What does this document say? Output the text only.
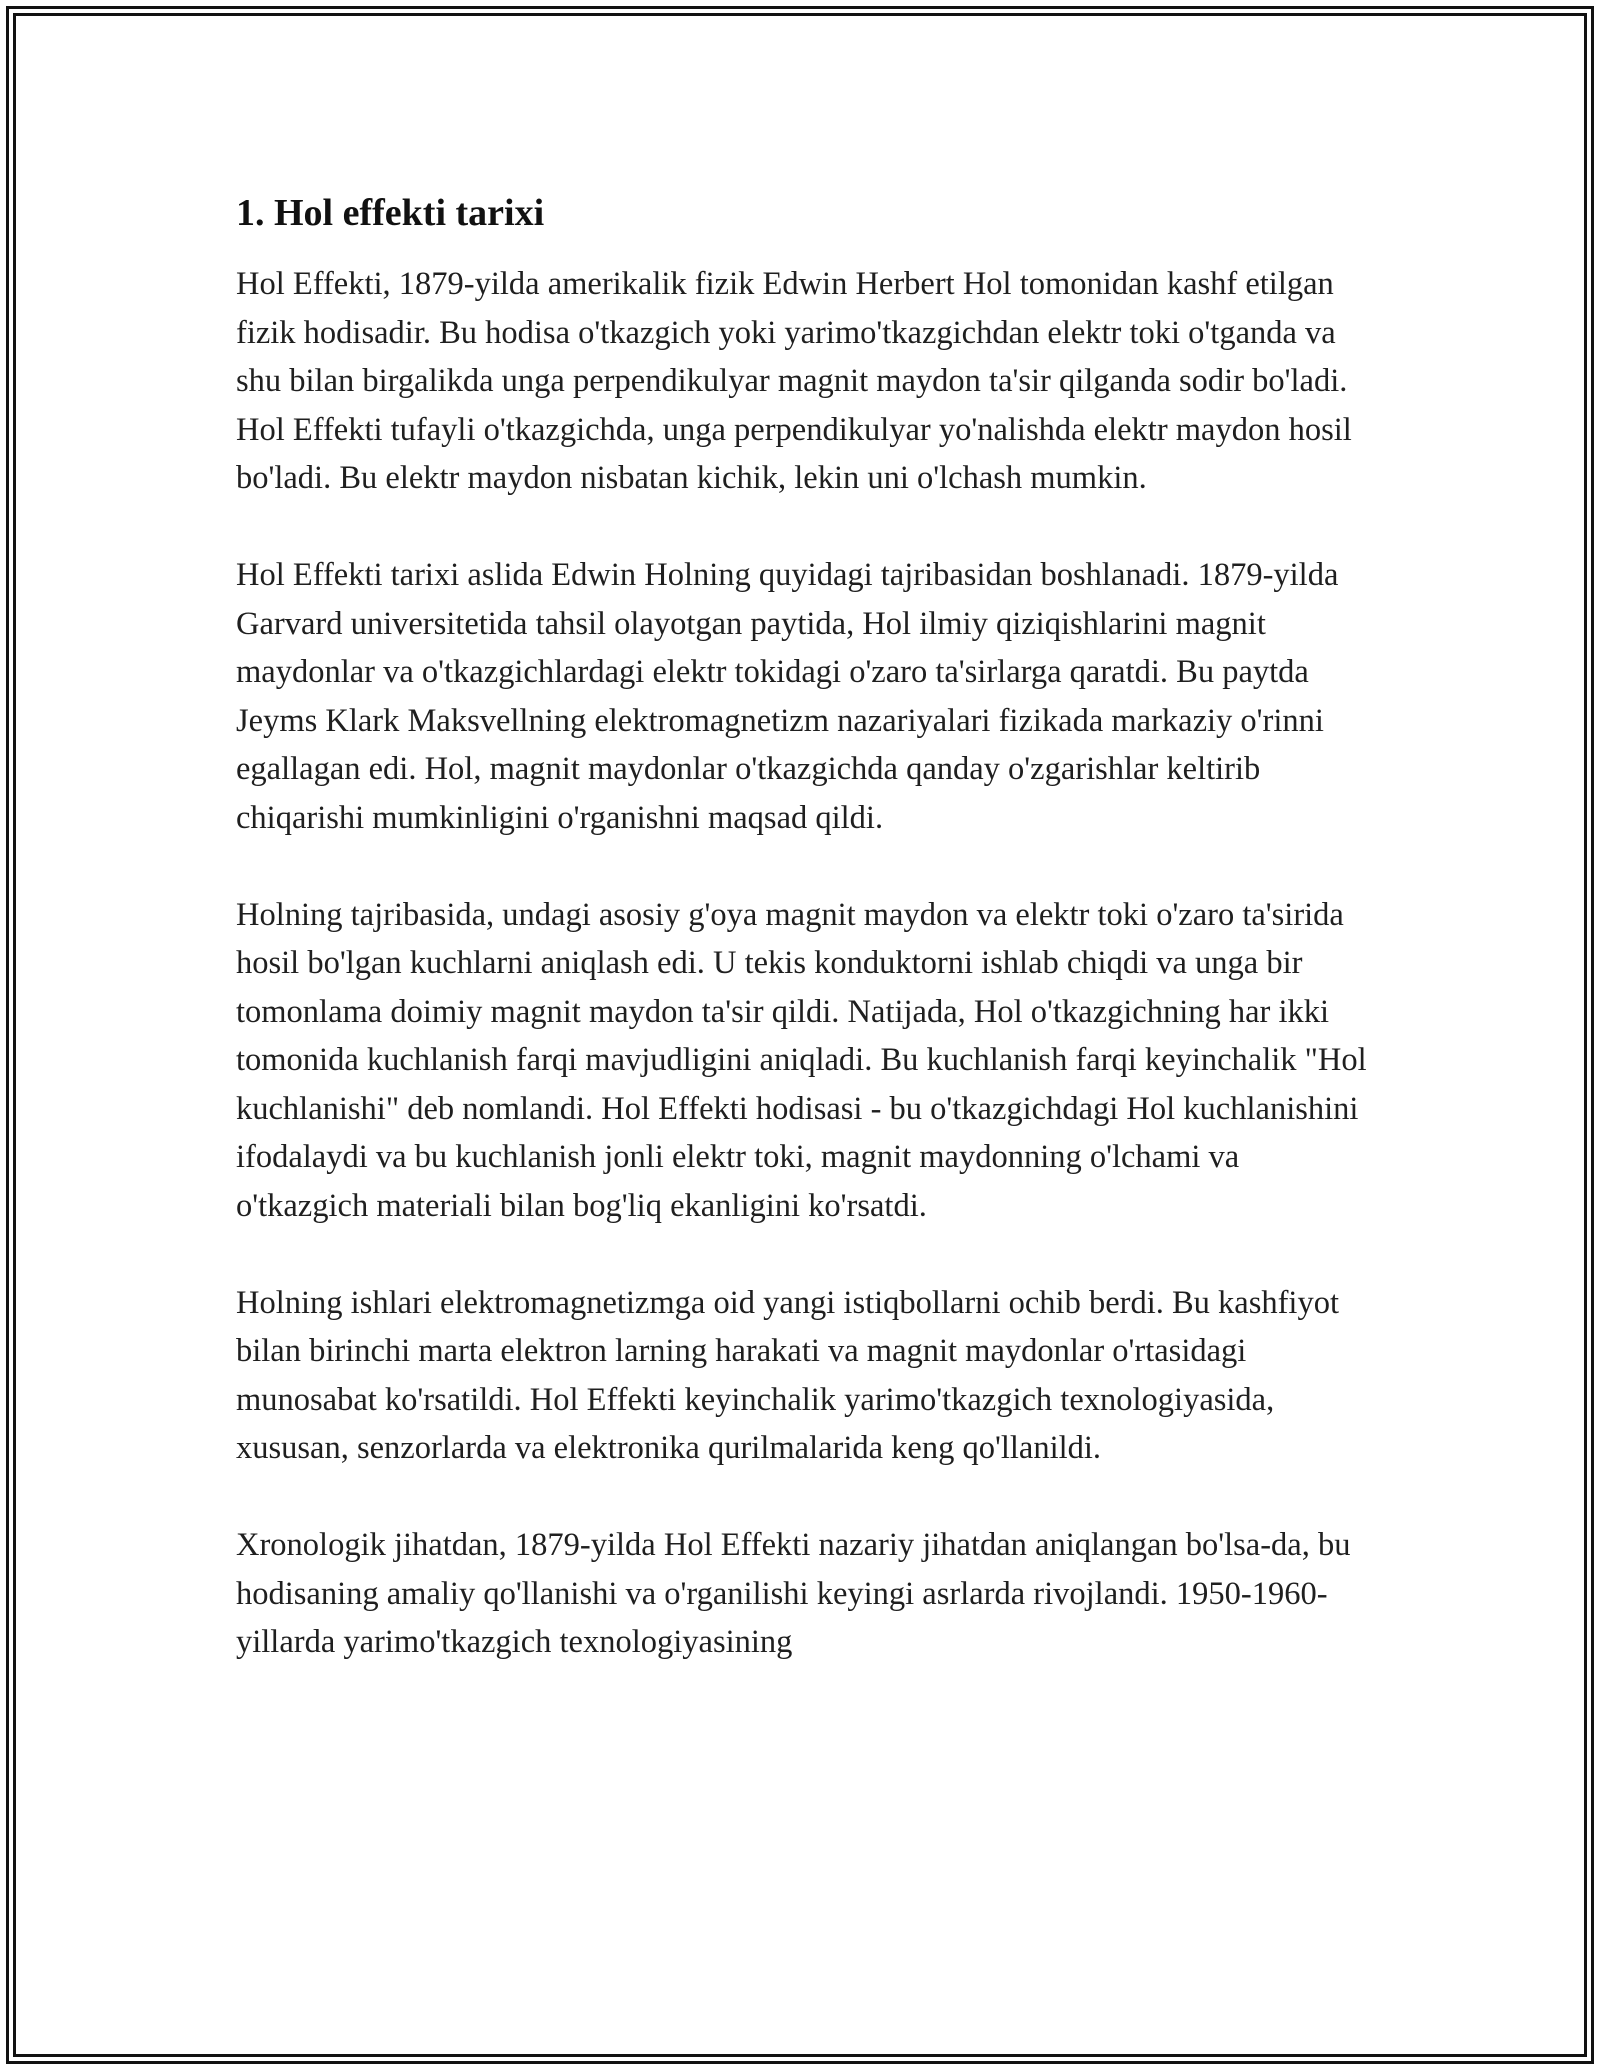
1. Hol effekti tarixi

Hol Effekti, 1879-yilda amerikalik fizik Edwin Herbert Hol tomonidan kashf etilgan fizik hodisadir. Bu hodisa o'tkazgich yoki yarimo'tkazgichdan elektr toki o'tganda va shu bilan birgalikda unga perpendikulyar magnit maydon ta'sir qilganda sodir bo'ladi. Hol Effekti tufayli o'tkazgichda, unga perpendikulyar yo'nalishda elektr maydon hosil bo'ladi. Bu elektr maydon nisbatan kichik, lekin uni o'lchash mumkin.

Hol Effekti tarixi aslida Edwin Holning quyidagi tajribasidan boshlanadi. 1879-yilda Garvard universitetida tahsil olayotgan paytida, Hol ilmiy qiziqishlarini magnit maydonlar va o'tkazgichlardagi elektr tokidagi o'zaro ta'sirlarga qaratdi. Bu paytda Jeyms Klark Maksvellning elektromagnetizm nazariyalari fizikada markaziy o'rinni egallagan edi. Hol, magnit maydonlar o'tkazgichda qanday o'zgarishlar keltirib chiqarishi mumkinligini o'rganishni maqsad qildi.

Holning tajribasida, undagi asosiy g'oya magnit maydon va elektr toki o'zaro ta'sirida hosil bo'lgan kuchlarni aniqlash edi. U tekis konduktorni ishlab chiqdi va unga bir tomonlama doimiy magnit maydon ta'sir qildi. Natijada, Hol o'tkazgichning har ikki tomonida kuchlanish farqi mavjudligini aniqladi. Bu kuchlanish farqi keyinchalik "Hol kuchlanishi" deb nomlandi. Hol Effekti hodisasi - bu o'tkazgichdagi Hol kuchlanishini ifodalaydi va bu kuchlanish jonli elektr toki, magnit maydonning o'lchami va o'tkazgich materiali bilan bog'liq ekanligini ko'rsatdi.

Holning ishlari elektromagnetizmga oid yangi istiqbollarni ochib berdi. Bu kashfiyot bilan birinchi marta elektron larning harakati va magnit maydonlar o'rtasidagi munosabat ko'rsatildi. Hol Effekti keyinchalik yarimo'tkazgich texnologiyasida, xususan, senzorlarda va elektronika qurilmalarida keng qo'llanildi.

Xronologik jihatdan, 1879-yilda Hol Effekti nazariy jihatdan aniqlangan bo'lsa-da, bu hodisaning amaliy qo'llanishi va o'rganilishi keyingi asrlarda rivojlandi. 1950-1960-yillarda yarimo'tkazgich texnologiyasining
